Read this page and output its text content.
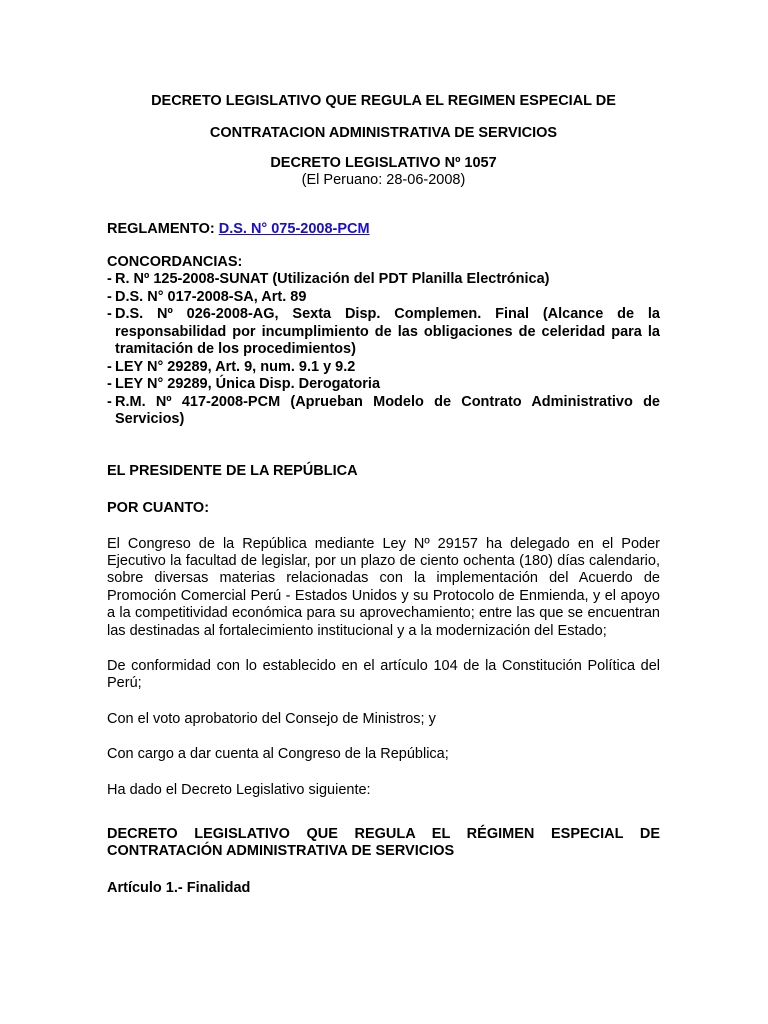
DECRETO LEGISLATIVO QUE REGULA EL REGIMEN ESPECIAL DE

CONTRATACION ADMINISTRATIVA DE SERVICIOS

DECRETO LEGISLATIVO Nº 1057

(El Peruano: 28-06-2008)

REGLAMENTO: D.S. N° 075-2008-PCM

CONCORDANCIAS:

- R. Nº 125-2008-SUNAT (Utilización del PDT Planilla Electrónica)
- D.S. N° 017-2008-SA, Art. 89
- D.S. Nº 026-2008-AG, Sexta Disp. Complemen. Final (Alcance de la responsabilidad por incumplimiento de las obligaciones de celeridad para la tramitación de los procedimientos)
- LEY N° 29289, Art. 9, num. 9.1 y 9.2
- LEY N° 29289, Única Disp. Derogatoria
- R.M. Nº 417-2008-PCM (Aprueban Modelo de Contrato Administrativo de Servicios)

EL PRESIDENTE DE LA REPÚBLICA

POR CUANTO:

El Congreso de la República mediante Ley Nº 29157 ha delegado en el Poder Ejecutivo la facultad de legislar, por un plazo de ciento ochenta (180) días calendario, sobre diversas materias relacionadas con la implementación del Acuerdo de Promoción Comercial Perú - Estados Unidos y su Protocolo de Enmienda, y el apoyo a la competitividad económica para su aprovechamiento; entre las que se encuentran las destinadas al fortalecimiento institucional y a la modernización del Estado;

De conformidad con lo establecido en el artículo 104 de la Constitución Política del Perú;

Con el voto aprobatorio del Consejo de Ministros; y

Con cargo a dar cuenta al Congreso de la República;

Ha dado el Decreto Legislativo siguiente:

DECRETO LEGISLATIVO QUE REGULA EL RÉGIMEN ESPECIAL DE CONTRATACIÓN ADMINISTRATIVA DE SERVICIOS

Artículo 1.- Finalidad
